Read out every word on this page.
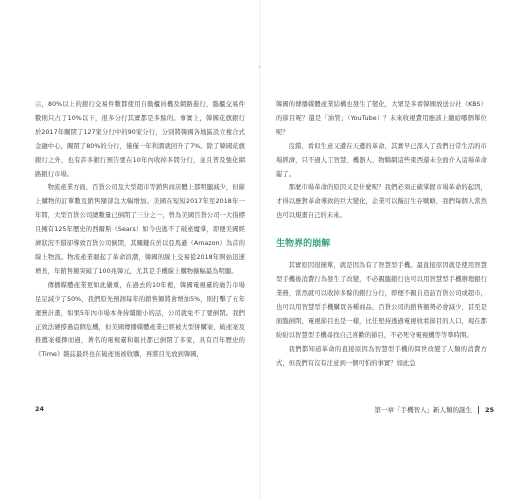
·

示，80%以上的銀行交易件數都使用自動櫃員機及網路進行，臨櫃交易件數則只占了10%以下，很多分行其實都是多餘的。事實上，韓國花旗銀行於2017年關閉了127家分行中的90家分行，分別將韓國各地區設立複合式金融中心，關閉了80%的分行，僅僅一年利潤就回升了7%。除了韓國花旗銀行之外，也有許多銀行預告要在10年內收掉多間分行，並且普及強化網路銀行市場。

物流產業方面，百貨公司及大型超市等銷售商店體上都明顯減少，但線上購物的訂單數及銷售額卻急大幅增加。美國在短短2017年至2018年一年間，大型百貨公司總數量已倒閉了三分之一，曾為美國百貨公司一大指標且擁有125年歷史的西爾斯（Sears）如今也逃不了破產魔掌，即便美國經濟狀況不錯卻導致百貨公司倒閉，其關鍵在於以亞馬遜（Amazon）為首的線上物流。物流產業競起了革命浪潮，韓國的線上交易從2018年開始迅速增長，年銷售額突破了100兆韓元，尤其是手機線上購物擴幅最為明顯。

傳播媒體產業更如此嚴重，在過去的10年裡，韓國電視臺的廣告市場足足減少了50%，我們原先預測每年的銷售額將會增加5%，則打擊了五年運營計畫，如果5年內市場本身持續縮小的話，公司就免不了要倒閉。我們正致法硬撐過這個危機，但美國傳播媒體產業已經被大型併購案、破產案及推薦案樣擇而過，著名的電視臺和報社都已倒閉了多家，具有百年歷史的《Time》雜誌最終也在破產後被收購，再將目光放到韓國，

24

韓國的傳播媒體產業結構也發生了變化，大眾是多看韓國放送公社（KBS）的節目呢？還是「油管」（YouTube）？未來收視費用應該上繳給哪個單位呢？

沒錯，看似生意又遭在天邊的革命，其實早已深入了我們日常生活的市場經濟，只不過人工智慧、機器人、物聯網這些東西還未全面介入這場革命罷了。

那麼市場革命的原因又是什麼呢？我們必須正確掌握市場革命的起因，才得以應對革命導致的巨大變化，企業可以擬訂生存戰略，我們每個人當然也可以規畫自己的未來。

生物界的崩解

其實原因很簡單，就是因為有了智慧型手機。最直接原因就是使用智慧型手機後消費行為發生了改變，不必親臨銀行也可以用智慧型手機辦理銀行業務，當然就可以收掉多餘的銀行分行，即便不親自造訪百貨公司或超市，也可以用智慧型手機購買各種商品，百貨公司的銷售額勢必會減少，甚至是面臨倒閉，電視節目也是一樣，比任堅持透過電視收看節目的人口，現在都紛紛以智慧型手機尋找自己喜歡的節目，不必死守電視機等等準時開。

我們都知道革命的直接原因為智慧型手機的問世改變了人類的消費方式，但我們有沒有注意到一個可怕的事實？如此急

第一章「手機智人」新人類的誕生 25
